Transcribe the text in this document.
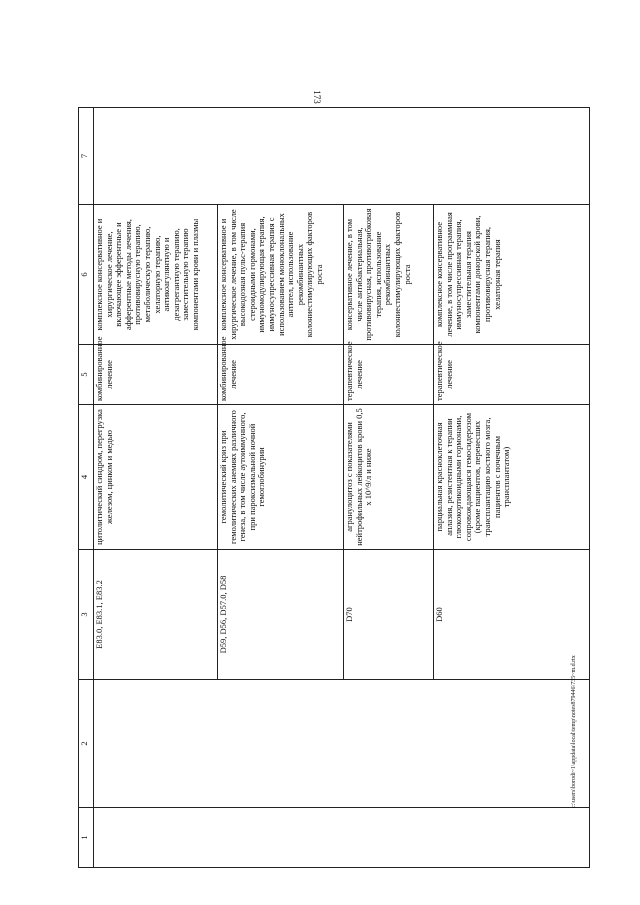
173
1	2	3	4	5	6	7
		E83.0, E83.1, E83.2	цитолитический синдром, перегрузка железом, цинком и медью	комбинированное лечение	комплексное консервативное и хирургическое лечение, включающее эфферентные и афферентные методы лечения, противовирусную терапию, метаболическую терапию, хелаторную терапию, антикоагулянтную и дезагрегантную терапию, заместительную терапию компонентами крови и плазмы	
		D59, D56, D57.0, D58	гемолитический криз при гемолитических анемиях различного генеза, в том числе аутоиммунного, при пароксизмальной ночной гемоглобинурии	комбинированное лечение	комплексное консервативное и хирургическое лечение, в том числе высокодозная пульс-терапия стероидными гормонами, иммуномодулирующая терапия, иммуносупрессивная терапия с использованием моноклональных антител, использование рекомбинантных колониестимулирующих факторов роста	
		D70	агранулоцитоз с показателями нейтрофильных лейкоцитов крови 0,5 х 10^9/л и ниже	терапевтическое лечение	консервативное лечение, в том числе антибактериальная, противовирусная, противогрибковая терапия, использование рекомбинантных колониестимулирующих факторов роста	
		D60	парциальная красноклеточная аплазия, резистентная к терапии глюкокортикоидными гормонами, сопровождающаяся гемосидерозом (кроме пациентов, перенесших трансплантацию костного мозга, пациентов с почечным трансплантатом)	терапевтическое лечение	комплексное консервативное лечение, в том числе программная иммуносупрессивная терапия, заместительная терапия компонентами донорской крови, противовирусная терапия, хелаторная терапия	
c:\users\borodi~1\appdata\local\temp\notes879446\735~m.d.rtx
